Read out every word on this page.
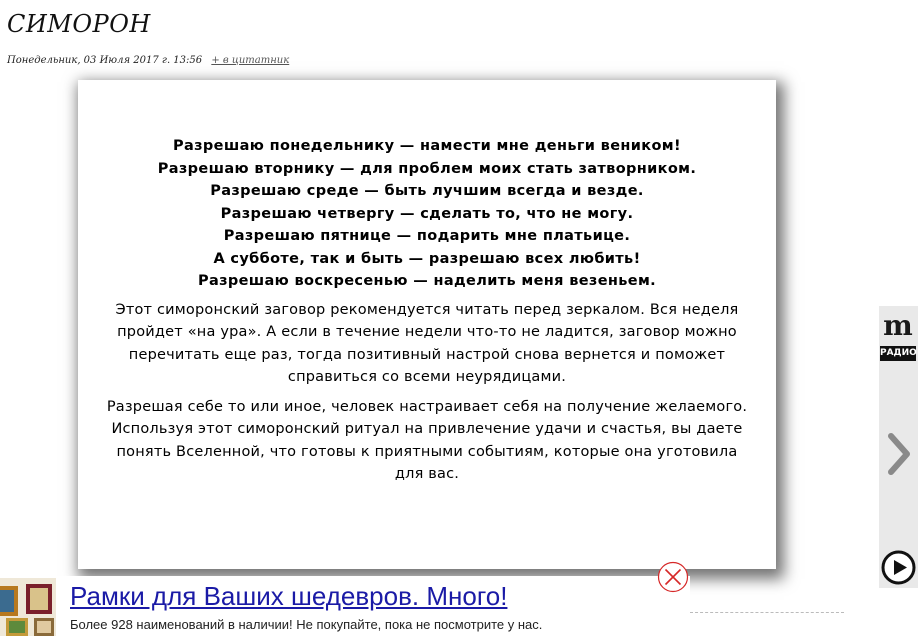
СИМОРОН
Понедельник, 03 Июля 2017 г. 13:56 + в цитатник
Разрешаю понедельнику — намести мне деньги веником!
Разрешаю вторнику — для проблем моих стать затворником.
Разрешаю среде — быть лучшим всегда и везде.
Разрешаю четвергу — сделать то, что не могу.
Разрешаю пятнице — подарить мне платьице.
А субботе, так и быть — разрешаю всех любить!
Разрешаю воскресенью — наделить меня везеньем.
Этот симоронский заговор рекомендуется читать перед зеркалом. Вся неделя
пройдет «на ура». А если в течение недели что-то не ладится, заговор можно
перечитать еще раз, тогда позитивный настрой снова вернется и поможет
справиться со всеми неурядицами.
Разрешая себе то или иное, человек настраивает себя на получение желаемого.
Используя этот симоронский ритуал на привлечение удачи и счастья, вы даете
понять Вселенной, что готовы к приятными событиям, которые она уготовила
для вас.
m
РАДИО
Рамки для Ваших шедевров. Много!
Более 928 наименований в наличии! Не покупайте, пока не посмотрите у нас.
